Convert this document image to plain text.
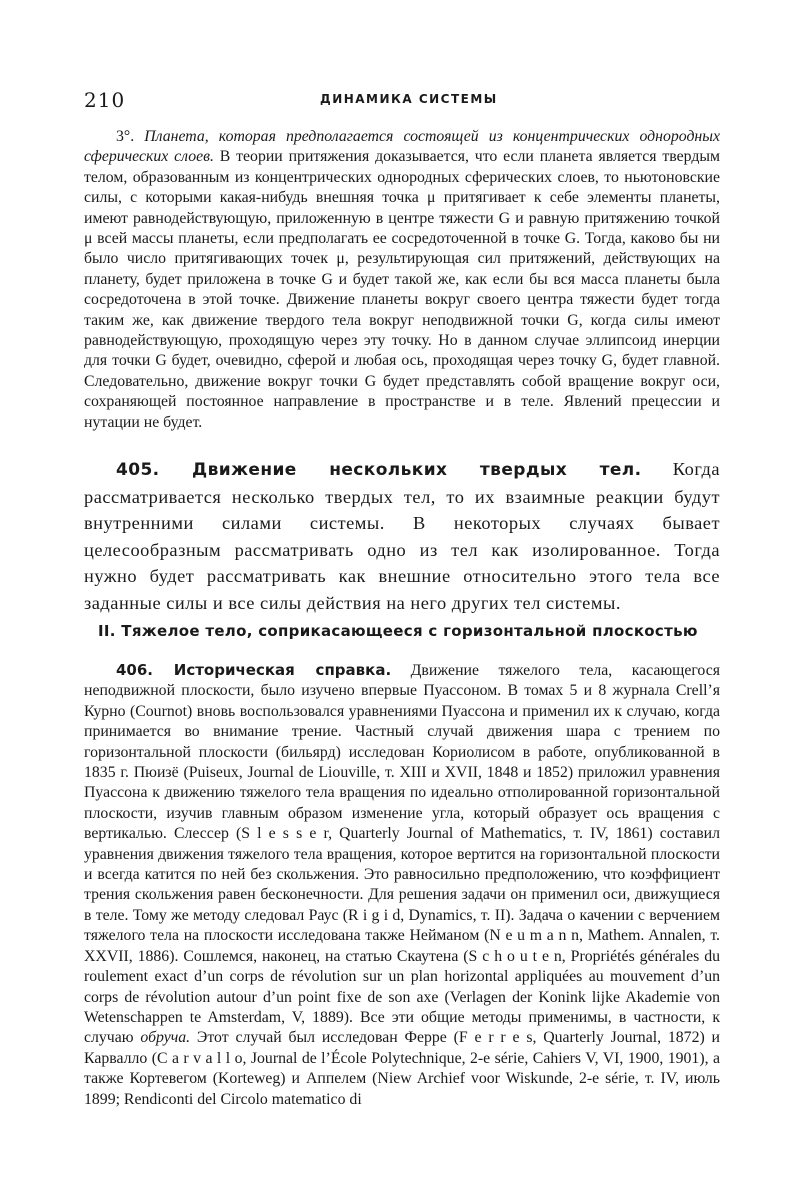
210	ДИНАМИКА СИСТЕМЫ

3°. Планета, которая предполагается состоящей из концентрических однородных сферических слоев. В теории притяжения доказывается, что если планета является твердым телом, образованным из концентрических однородных сферических слоев, то ньютоновские силы, с которыми какая-нибудь внешняя точка μ притягивает к себе элементы планеты, имеют равнодействующую, приложенную в центре тяжести G и равную притяжению точкой μ всей массы планеты, если предполагать ее сосредоточенной в точке G. Тогда, каково бы ни было число притягивающих точек μ, результирующая сил притяжений, действующих на планету, будет приложена в точке G и будет такой же, как если бы вся масса планеты была сосредоточена в этой точке. Движение планеты вокруг своего центра тяжести будет тогда таким же, как движение твердого тела вокруг неподвижной точки G, когда силы имеют равнодействующую, проходящую через эту точку. Но в данном случае эллипсоид инерции для точки G будет, очевидно, сферой и любая ось, проходящая через точку G, будет главной. Следовательно, движение вокруг точки G будет представлять собой вращение вокруг оси, сохраняющей постоянное направление в пространстве и в теле. Явлений прецессии и нутации не будет.

405. Движение нескольких твердых тел. Когда рассматривается несколько твердых тел, то их взаимные реакции будут внутренними силами системы. В некоторых случаях бывает целесообразным рассматривать одно из тел как изолированное. Тогда нужно будет рассматривать как внешние относительно этого тела все заданные силы и все силы действия на него других тел системы.

II. Тяжелое тело, соприкасающееся с горизонтальной плоскостью

406. Историческая справка. Движение тяжелого тела, касающегося неподвижной плоскости, было изучено впервые Пуассоном. В томах 5 и 8 журнала Crell’я Курно (Cournot) вновь воспользовался уравнениями Пуассона и применил их к случаю, когда принимается во внимание трение. Частный случай движения шара с трением по горизонтальной плоскости (бильярд) исследован Кориолисом в работе, опубликованной в 1835 г. Пюизё (Puiseux, Journal de Liouville, т. XIII и XVII, 1848 и 1852) приложил уравнения Пуассона к движению тяжелого тела вращения по идеально отполированной горизонтальной плоскости, изучив главным образом изменение угла, который образует ось вращения с вертикалью. Слессер (S l e s s e r, Quarterly Journal of Mathematics, т. IV, 1861) составил уравнения движения тяжелого тела вращения, которое вертится на горизонтальной плоскости и всегда катится по ней без скольжения. Это равносильно предположению, что коэффициент трения скольжения равен бесконечности. Для решения задачи он применил оси, движущиеся в теле. Тому же методу следовал Раус (R i g i d, Dynamics, т. II). Задача о качении с верчением тяжелого тела на плоскости исследована также Нейманом (N e u m a n n, Mathem. Annalen, т. XXVII, 1886). Сошлемся, наконец, на статью Скаутена (S c h o u t e n, Propriétés générales du roulement exact d’un corps de révolution sur un plan horizontal appliquées au mouvement d’un corps de révolution autour d’un point fixe de son axe (Verlagen der Konink lijke Akademie von Wetenschappen te Amsterdam, V, 1889). Все эти общие методы применимы, в частности, к случаю обруча. Этот случай был исследован Ферре (F e r r e s, Quarterly Journal, 1872) и Карвалло (C a r v a l l o, Journal de l’École Polytechnique, 2-e série, Cahiers V, VI, 1900, 1901), а также Кортевегом (Korteweg) и Аппелем (Niew Archief voor Wiskunde, 2-e série, т. IV, июль 1899; Rendiconti del Circolo matematico di
